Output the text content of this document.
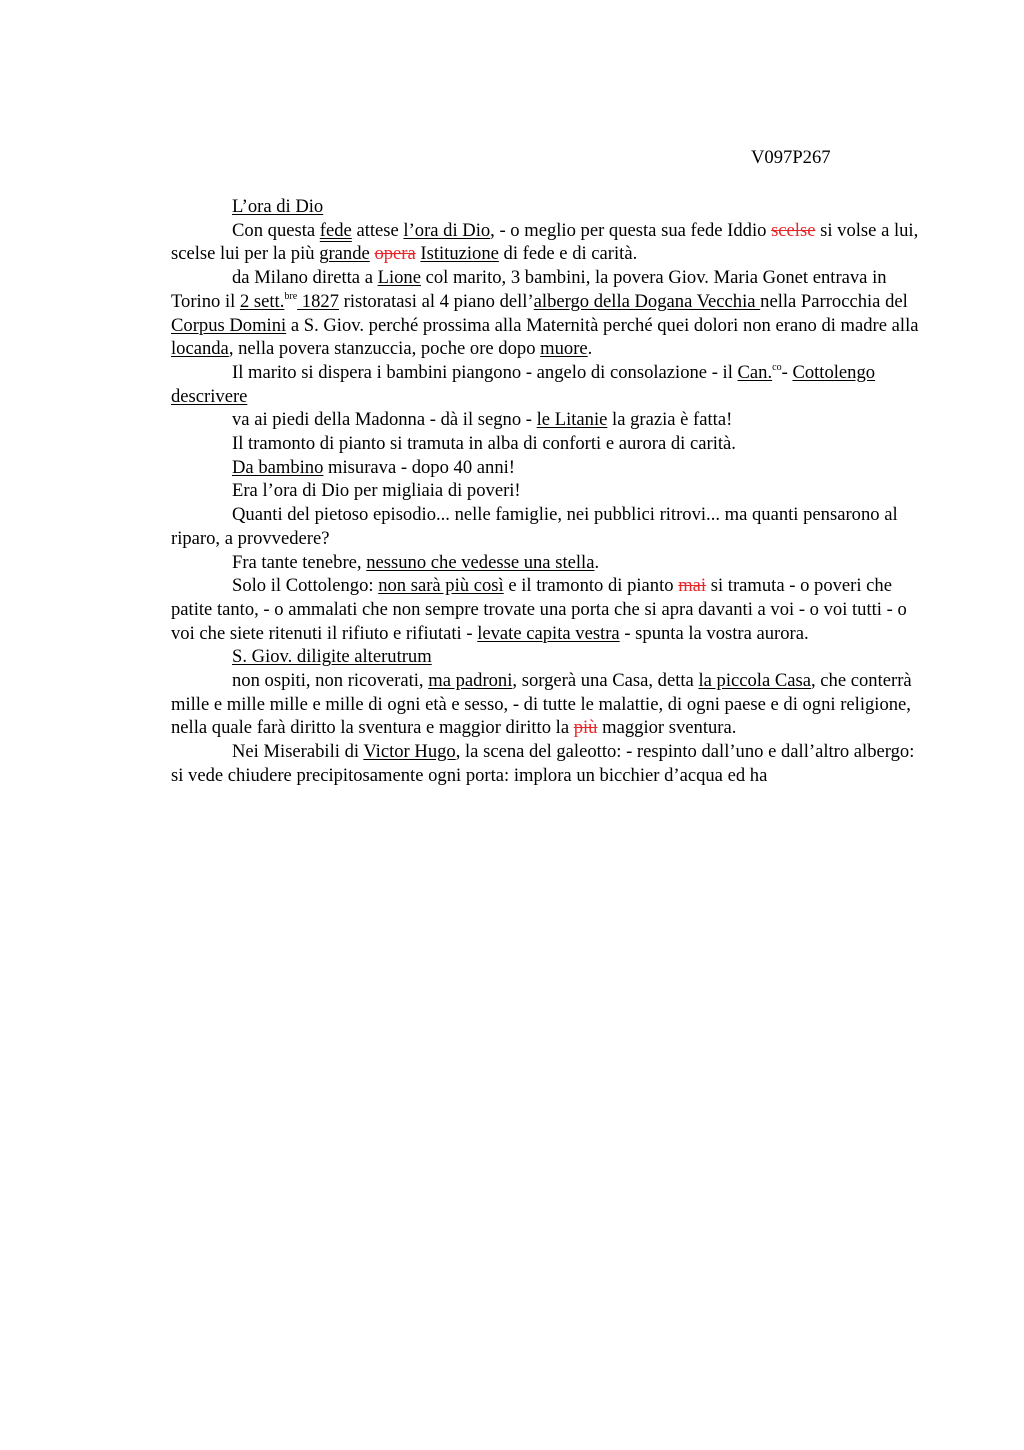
V097P267

L’ora di Dio

Con questa fede attese l’ora di Dio, - o meglio per questa sua fede Iddio scelse si volse a lui, scelse lui per la più grande opera Istituzione di fede e di carità.

da Milano diretta a Lione col marito, 3 bambini, la povera Giov. Maria Gonet entrava in Torino il 2 sett.$^{bre}$ 1827 ristoratasi al 4 piano dell’albergo della Dogana Vecchia nella Parrocchia del Corpus Domini a S. Giov. perché prossima alla Maternità perché quei dolori non erano di madre alla locanda, nella povera stanzuccia, poche ore dopo muore.

Il marito si dispera i bambini piangono - angelo di consolazione - il Can.$^{co}$- Cottolengo descrivere

va ai piedi della Madonna - dà il segno - le Litanie la grazia è fatta!

Il tramonto di pianto si tramuta in alba di conforti e aurora di carità.

Da bambino misurava - dopo 40 anni!

Era l’ora di Dio per migliaia di poveri!

Quanti del pietoso episodio... nelle famiglie, nei pubblici ritrovi... ma quanti pensarono al riparo, a provvedere?

Fra tante tenebre, nessuno che vedesse una stella.

Solo il Cottolengo: non sarà più così e il tramonto di pianto mai si tramuta - o poveri che patite tanto, - o ammalati che non sempre trovate una porta che si apra davanti a voi - o voi tutti - o voi che siete ritenuti il rifiuto e rifiutati - levate capita vestra - spunta la vostra aurora.

S. Giov. diligite alterutrum

non ospiti, non ricoverati, ma padroni, sorgerà una Casa, detta la piccola Casa, che conterrà mille e mille mille e mille di ogni età e sesso, - di tutte le malattie, di ogni paese e di ogni religione, nella quale farà diritto la sventura e maggior diritto la più maggior sventura.

Nei Miserabili di Victor Hugo, la scena del galeotto: - respinto dall’uno e dall’altro albergo: si vede chiudere precipitosamente ogni porta: implora un bicchier d’acqua ed ha
